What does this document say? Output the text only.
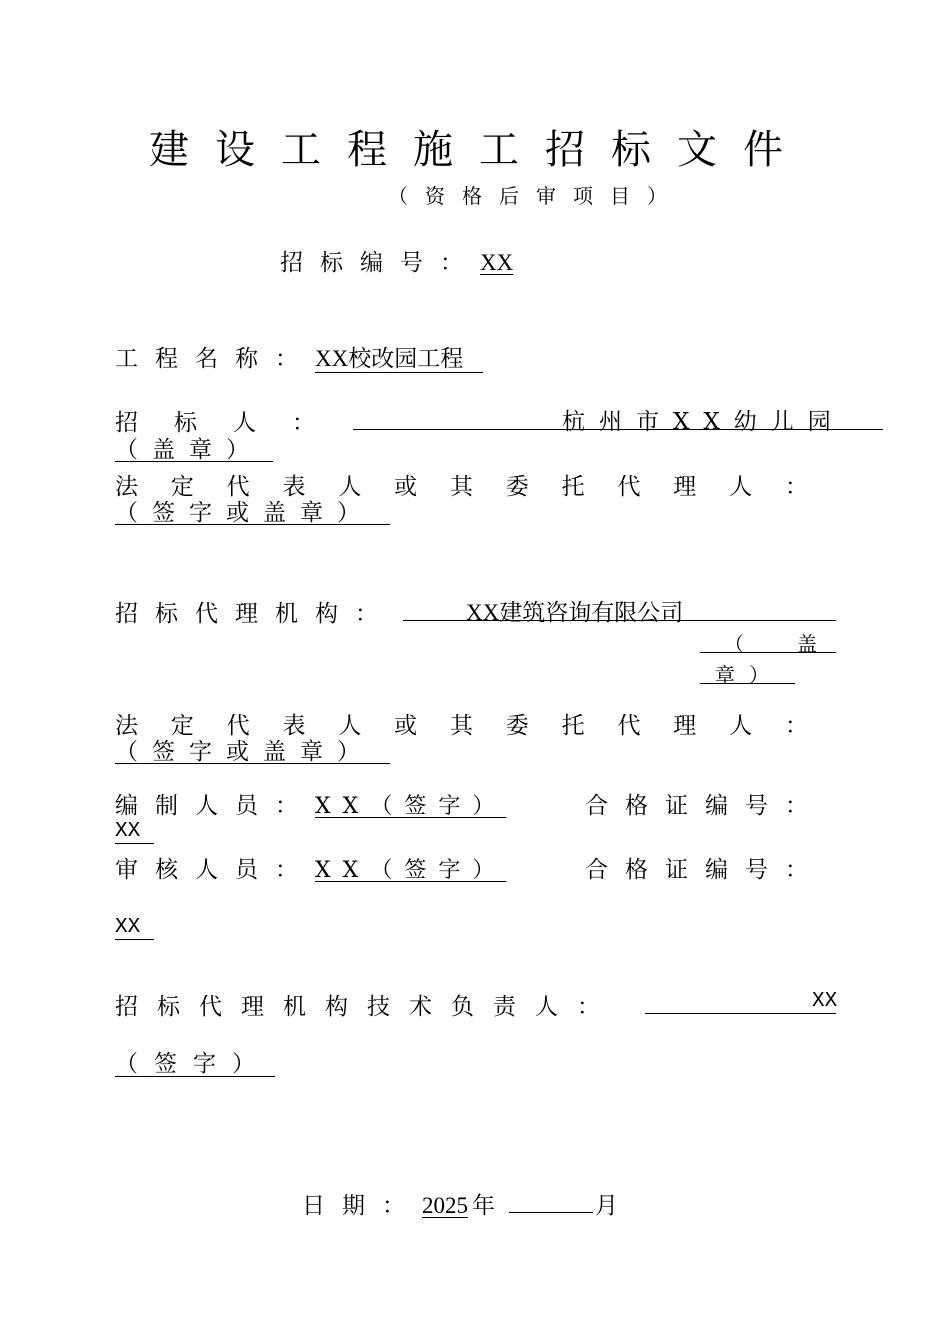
建设工程施工招标文件
（资格后审项目）
招标编号：XX
工程名称：XX校改园工程
招 标 人 ：	杭州市XX幼儿园
（盖章）
法 定 代 表 人 或 其 委 托 代 理 人 ：
（签字或盖章）
招标代理机构：	XX建筑咨询有限公司
（	盖
章）
法 定 代 表 人 或 其 委 托 代 理 人 ：
（签字或盖章）
编制人员：XX（签字）	合格证编号：
XX
审核人员：XX（签字）	合格证编号：
XX
招标代理机构技术负责人：	XX
（签字）
日期：2025 年	月
